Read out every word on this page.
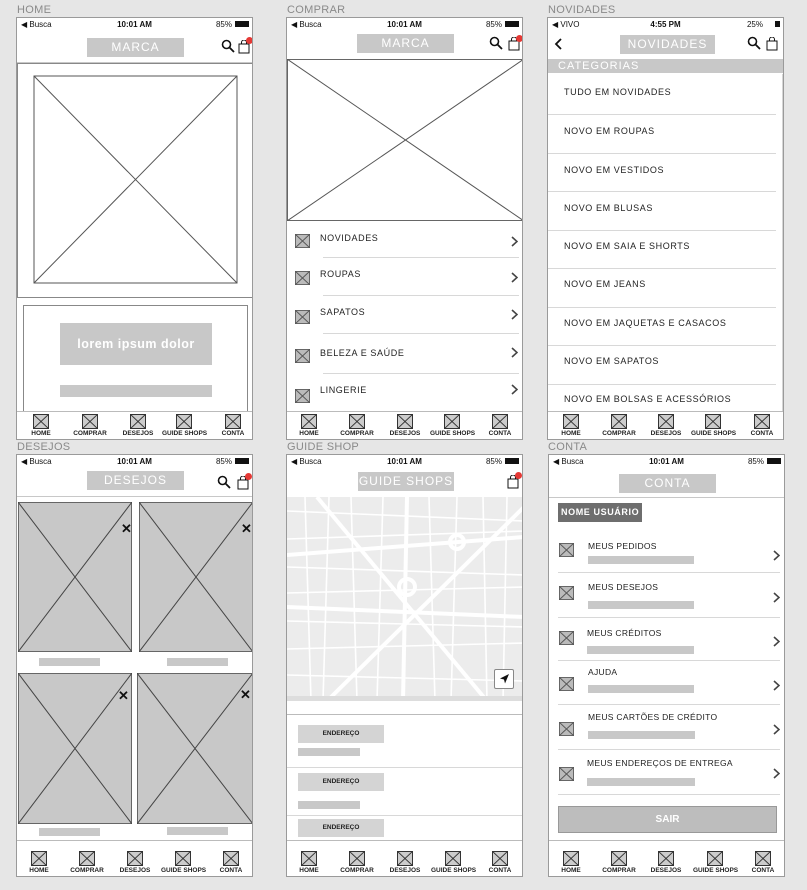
HOME	COMPRAR	NOVIDADES
DESEJOS	GUIDE SHOP	CONTA
◀ Busca	10:01 AM	85%
MARCA
lorem ipsum dolor
HOME	COMPRAR	DESEJOS	GUIDE SHOPS	CONTA
◀ Busca	10:01 AM	85%
MARCA
NOVIDADES
ROUPAS
SAPATOS
BELEZA E SAÚDE
LINGERIE
HOME	COMPRAR	DESEJOS	GUIDE SHOPS	CONTA
◀ VIVO	4:55 PM	25%
NOVIDADES
CATEGORIAS
TUDO EM NOVIDADES
NOVO EM ROUPAS
NOVO EM VESTIDOS
NOVO EM BLUSAS
NOVO EM SAIA E SHORTS
NOVO EM JEANS
NOVO EM JAQUETAS E CASACOS
NOVO EM SAPATOS
NOVO EM BOLSAS E ACESSÓRIOS
HOME	COMPRAR	DESEJOS	GUIDE SHOPS	CONTA
◀ Busca	10:01 AM	85%
DESEJOS
✕	✕
✕	✕
HOME	COMPRAR	DESEJOS	GUIDE SHOPS	CONTA
◀ Busca	10:01 AM	85%
GUIDE SHOPS
ENDEREÇO
ENDEREÇO
ENDEREÇO
HOME	COMPRAR	DESEJOS	GUIDE SHOPS	CONTA
◀ Busca	10:01 AM	85%
CONTA
NOME USUÁRIO
MEUS PEDIDOS
MEUS DESEJOS
MEUS CRÉDITOS
AJUDA
MEUS CARTÕES DE CRÉDITO
MEUS ENDEREÇOS DE ENTREGA
SAIR
HOME	COMPRAR	DESEJOS	GUIDE SHOPS	CONTA
